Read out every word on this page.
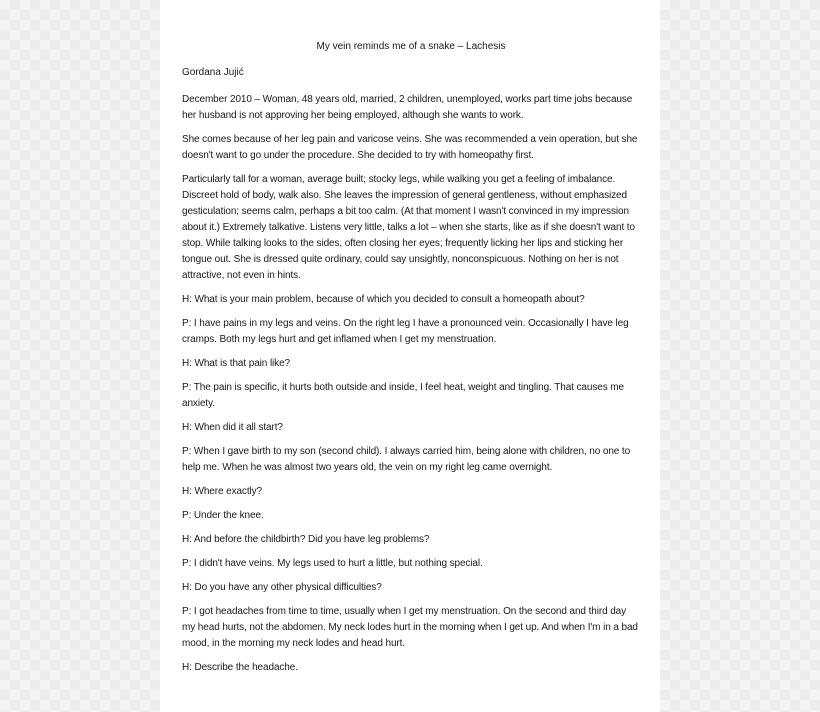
My vein reminds me of a snake – Lachesis
Gordana Jujić

December 2010 – Woman, 48 years old, married, 2 children, unemployed, works part time jobs because her husband is not approving her being employed, although she wants to work.

She comes because of her leg pain and varicose veins. She was recommended a vein operation, but she doesn't want to go under the procedure. She decided to try with homeopathy first.

Particularly tall for a woman, average built; stocky legs, while walking you get a feeling of imbalance. Discreet hold of body, walk also. She leaves the impression of general gentleness, without emphasized gesticulation; seems calm, perhaps a bit too calm. (At that moment I wasn't convinced in my impression about it.) Extremely talkative. Listens very little, talks a lot – when she starts, like as if she doesn't want to stop. While talking looks to the sides, often closing her eyes; frequently licking her lips and sticking her tongue out. She is dressed quite ordinary, could say unsightly, nonconspicuous. Nothing on her is not attractive, not even in hints.

H: What is your main problem, because of which you decided to consult a homeopath about?

P: I have pains in my legs and veins. On the right leg I have a pronounced vein. Occasionally I have leg cramps. Both my legs hurt and get inflamed when I get my menstruation.

H: What is that pain like?

P: The pain is specific, it hurts both outside and inside, I feel heat, weight and tingling. That causes me anxiety.

H: When did it all start?

P: When I gave birth to my son (second child). I always carried him, being alone with children, no one to help me. When he was almost two years old, the vein on my right leg came overnight.

H: Where exactly?

P: Under the knee.

H: And before the childbirth? Did you have leg problems?

P: I didn't have veins. My legs used to hurt a little, but nothing special.

H: Do you have any other physical difficulties?

P: I got headaches from time to time, usually when I get my menstruation. On the second and third day my head hurts, not the abdomen. My neck lodes hurt in the morning when I get up. And when I'm in a bad mood, in the morning my neck lodes and head hurt.

H: Describe the headache.
